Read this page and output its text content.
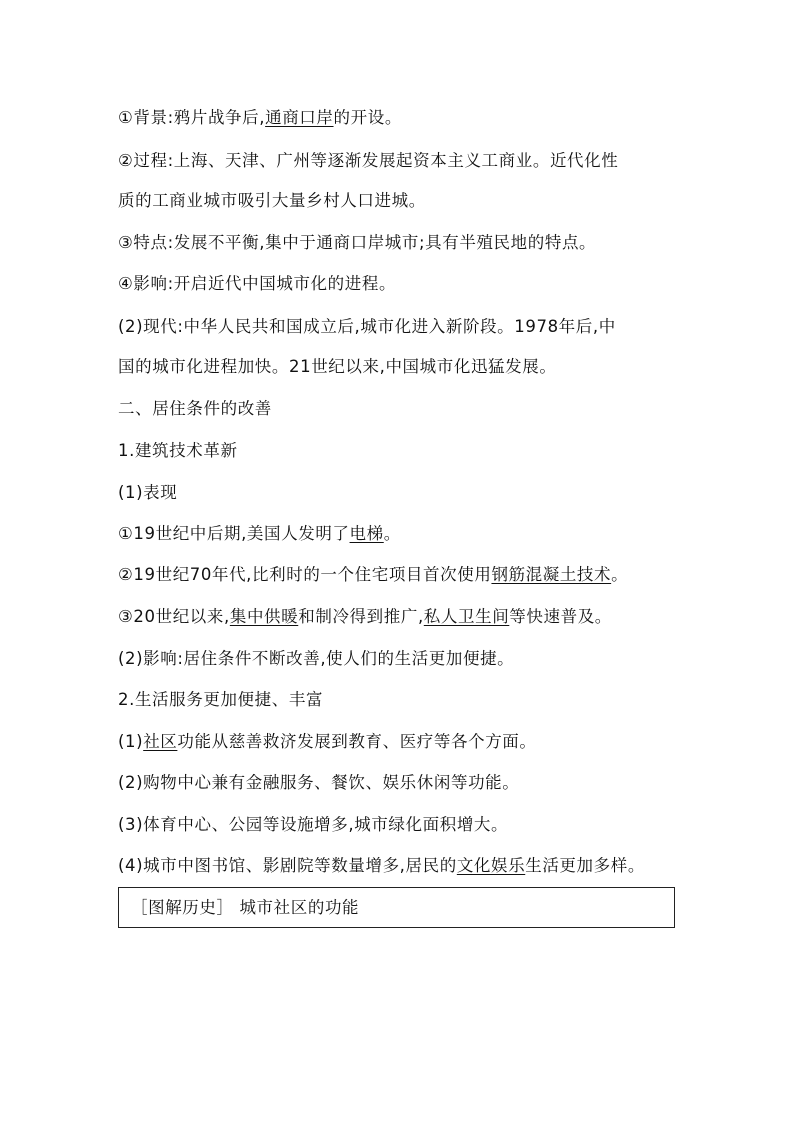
①背景:鸦片战争后,通商口岸的开设。
②过程:上海、天津、广州等逐渐发展起资本主义工商业。近代化性
质的工商业城市吸引大量乡村人口进城。
③特点:发展不平衡,集中于通商口岸城市;具有半殖民地的特点。
④影响:开启近代中国城市化的进程。
(2)现代:中华人民共和国成立后,城市化进入新阶段。1978年后,中
国的城市化进程加快。21世纪以来,中国城市化迅猛发展。
二、居住条件的改善
1.建筑技术革新
(1)表现
①19世纪中后期,美国人发明了电梯。
②19世纪70年代,比利时的一个住宅项目首次使用钢筋混凝土技术。
③20世纪以来,集中供暖和制冷得到推广,私人卫生间等快速普及。
(2)影响:居住条件不断改善,使人们的生活更加便捷。
2.生活服务更加便捷、丰富
(1)社区功能从慈善救济发展到教育、医疗等各个方面。
(2)购物中心兼有金融服务、餐饮、娱乐休闲等功能。
(3)体育中心、公园等设施增多,城市绿化面积增大。
(4)城市中图书馆、影剧院等数量增多,居民的文化娱乐生活更加多样。
［图解历史］ 城市社区的功能
